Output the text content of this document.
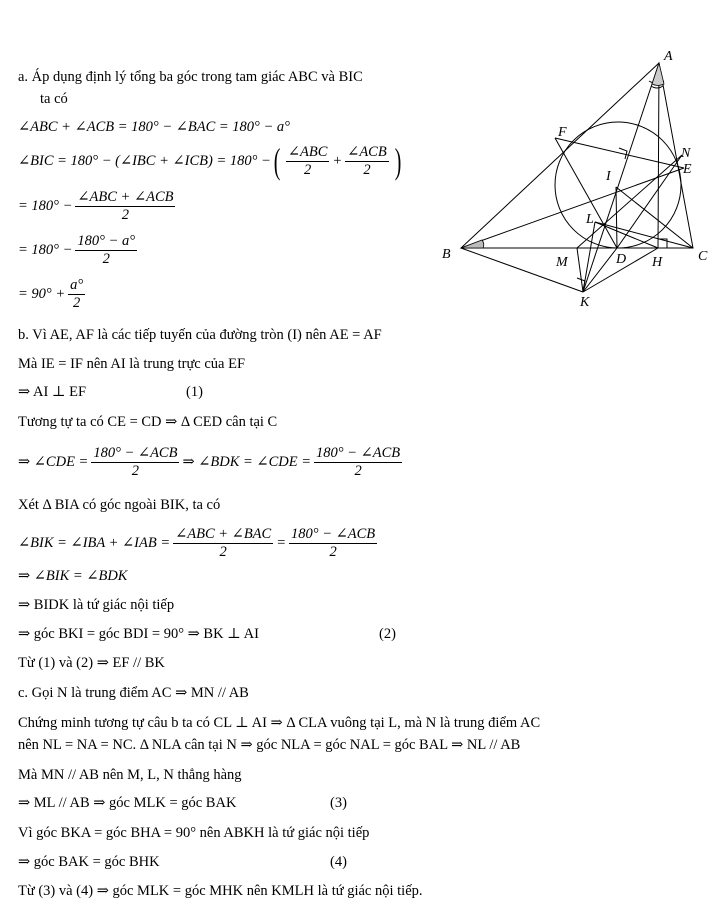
a. Áp dụng định lý tổng ba góc trong tam giác ABC và BIC
ta có
∠ABC + ∠ACB = 180° − ∠BAC = 180° − a°
∠BIC = 180° − (∠IBC + ∠ICB) = 180° − ( $\frac{\text{∠ABC}}{2} + \frac{\text{∠ACB}}{2}$ )
= $180^\circ - \frac{\text{∠ABC + ∠ACB}}{2}$
= $180^\circ - \frac{180^\circ - a^\circ}{2}$
= $90^\circ + \frac{a^\circ}{2}$
b. Vì AE, AF là các tiếp tuyến của đường tròn (I) nên AE = AF
Mà IE = IF nên AI là trung trực của EF
⇒ AI ⊥ EF	(1)
Tương tự ta có CE = CD ⇒ Δ CED cân tại C
⇒ ∠CDE = $\frac{\text{180° − ∠ACB}}{2}$ ⇒ ∠BDK = ∠CDE = $\frac{\text{180° − ∠ACB}}{2}$
Xét Δ BIA có góc ngoài BIK, ta có
∠BIK = ∠IBA + ∠IAB = $\frac{\text{∠ABC + ∠BAC}}{2} = \frac{\text{180° − ∠ACB}}{2}$
⇒ ∠BIK = ∠BDK
⇒ BIDK là tứ giác nội tiếp
⇒ góc BKI = góc BDI = 90° ⇒ BK ⊥ AI	(2)
Từ (1) và (2) ⇒ EF // BK
c. Gọi N là trung điểm AC ⇒ MN // AB
Chứng minh tương tự câu b ta có CL ⊥ AI ⇒ Δ CLA vuông tại L, mà N là trung điểm AC
nên NL = NA = NC. Δ NLA cân tại N ⇒ góc NLA = góc NAL = góc BAL ⇒ NL // AB
Mà MN // AB nên M, L, N thẳng hàng
⇒ ML // AB ⇒ góc MLK = góc BAK	(3)
Vì góc BKA = góc BHA = 90° nên ABKH là tứ giác nội tiếp
⇒ góc BAK = góc BHK	(4)
Từ (3) và (4) ⇒ góc MLK = góc MHK nên KMLH là tứ giác nội tiếp.
A
F
N
E
I
L
B
M	D H	C
K
